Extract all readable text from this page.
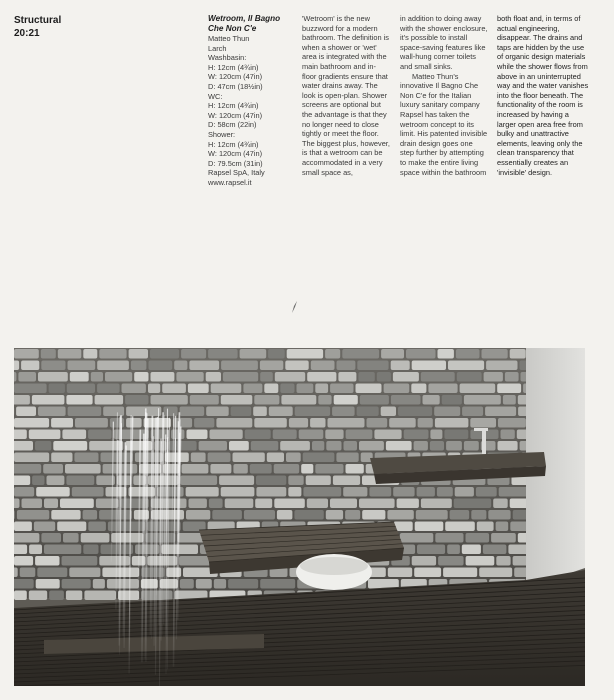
Structural
20:21
Wetroom, Il Bagno Che Non C'e
Matteo Thun
Larch
Washbasin:
H: 12cm (4¾in)
W: 120cm (47in)
D: 47cm (18½in)
WC:
H: 12cm (4¾in)
W: 120cm (47in)
D: 58cm (22in)
Shower:
H: 12cm (4¾in)
W: 120cm (47in)
D: 79.5cm (31in)
Rapsel SpA, Italy
www.rapsel.it

'Wetroom' is the new buzzword for a modern bathroom. The definition is when a shower or 'wet' area is integrated with the main bathroom and in-floor gradients ensure that water drains away. The look is open-plan. Shower screens are optional but the advantage is that they no longer need to close tightly or meet the floor. The biggest plus, however, is that a wetroom can be accommodated in a very small space as,

in addition to doing away with the shower enclosure, it's possible to install space-saving features like wall-hung corner toilets and small sinks.

Matteo Thun's innovative Il Bagno Che Non C'e for the Italian luxury sanitary company Rapsel has taken the wetroom concept to its limit. His patented invisible drain design goes one step further by attempting to make the entire living space within the bathroom

both float and, in terms of actual engineering, disappear. The drains and taps are hidden by the use of organic design materials while the shower flows from above in an uninterrupted way and the water vanishes into the floor beneath. The functionality of the room is increased by having a larger open area free from bulky and unattractive elements, leaving only the clean transparency that essentially creates an 'invisible' design.
